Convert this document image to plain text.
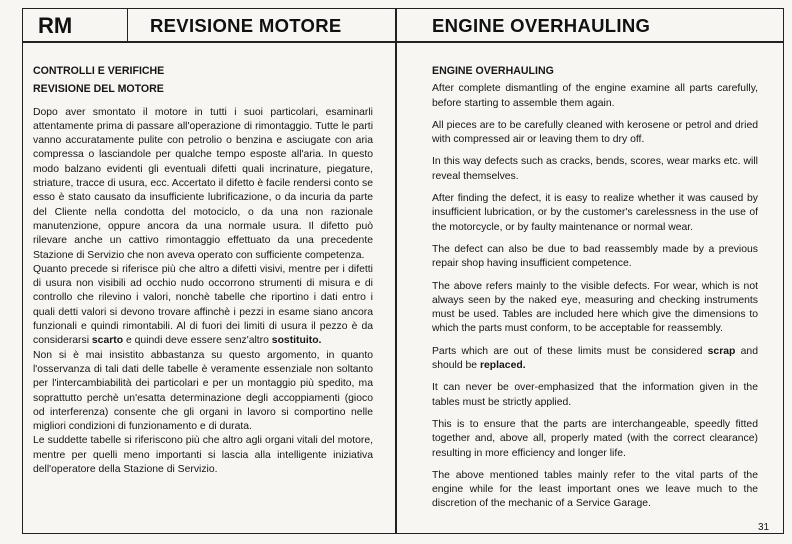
RM	REVISIONE MOTORE	ENGINE OVERHAULING
CONTROLLI E VERIFICHE
REVISIONE DEL MOTORE

Dopo aver smontato il motore in tutti i suoi particolari, esaminarli attentamente prima di passare all'operazione di rimontaggio. Tutte le parti vanno accuratamente pulite con petrolio o benzina e asciugate con aria compressa o lasciandole per qualche tempo esposte all'aria. In questo modo balzano evidenti gli eventuali difetti quali incrinature, piegature, striature, tracce di usura, ecc. Accertato il difetto è facile rendersi conto se esso è stato causato da insufficiente lubrificazione, o da incuria da parte del Cliente nella condotta del motociclo, o da una non razionale manutenzione, oppure ancora da una normale usura. Il difetto può rilevare anche un cattivo rimontaggio effettuato da una precedente Stazione di Servizio che non aveva operato con sufficiente competenza.

Quanto precede si riferisce più che altro a difetti visivi, mentre per i difetti di usura non visibili ad occhio nudo occorrono strumenti di misura e di controllo che rilevino i valori, nonchè tabelle che riportino i dati entro i quali detti valori si devono trovare affinchè i pezzi in esame siano ancora funzionali e quindi rimontabili. Al di fuori dei limiti di usura il pezzo è da considerarsi scarto e quindi deve essere senz'altro sostituito.

Non si è mai insistito abbastanza su questo argomento, in quanto l'osservanza di tali dati delle tabelle è veramente essenziale non soltanto per l'intercambiabilità dei particolari e per un montaggio più spedito, ma soprattutto perchè un'esatta determinazione degli accoppiamenti (gioco od interferenza) consente che gli organi in lavoro si comportino nelle migliori condizioni di funzionamento e di durata.

Le suddette tabelle si riferiscono più che altro agli organi vitali del motore, mentre per quelli meno importanti si lascia alla intelligente iniziativa dell'operatore della Stazione di Servizio.

ENGINE OVERHAULING

After complete dismantling of the engine examine all parts carefully, before starting to assemble them again.

All pieces are to be carefully cleaned with kerosene or petrol and dried with compressed air or leaving them to dry off.

In this way defects such as cracks, bends, scores, wear marks etc. will reveal themselves.

After finding the defect, it is easy to realize whether it was caused by insufficient lubrication, or by the customer's carelessness in the use of the motorcycle, or by faulty maintenance or normal wear.

The defect can also be due to bad reassembly made by a previous repair shop having insufficient competence.

The above refers mainly to the visible defects. For wear, which is not always seen by the naked eye, measuring and checking instruments must be used. Tables are included here which give the dimensions to which the parts must conform, to be acceptable for reassembly.

Parts which are out of these limits must be considered scrap and should be replaced.

It can never be over-emphasized that the information given in the tables must be strictly applied.

This is to ensure that the parts are interchangeable, speedly fitted together and, above all, properly mated (with the correct clearance) resulting in more efficiency and longer life.

The above mentioned tables mainly refer to the vital parts of the engine while for the least important ones we leave much to the discretion of the mechanic of a Service Garage.

31
